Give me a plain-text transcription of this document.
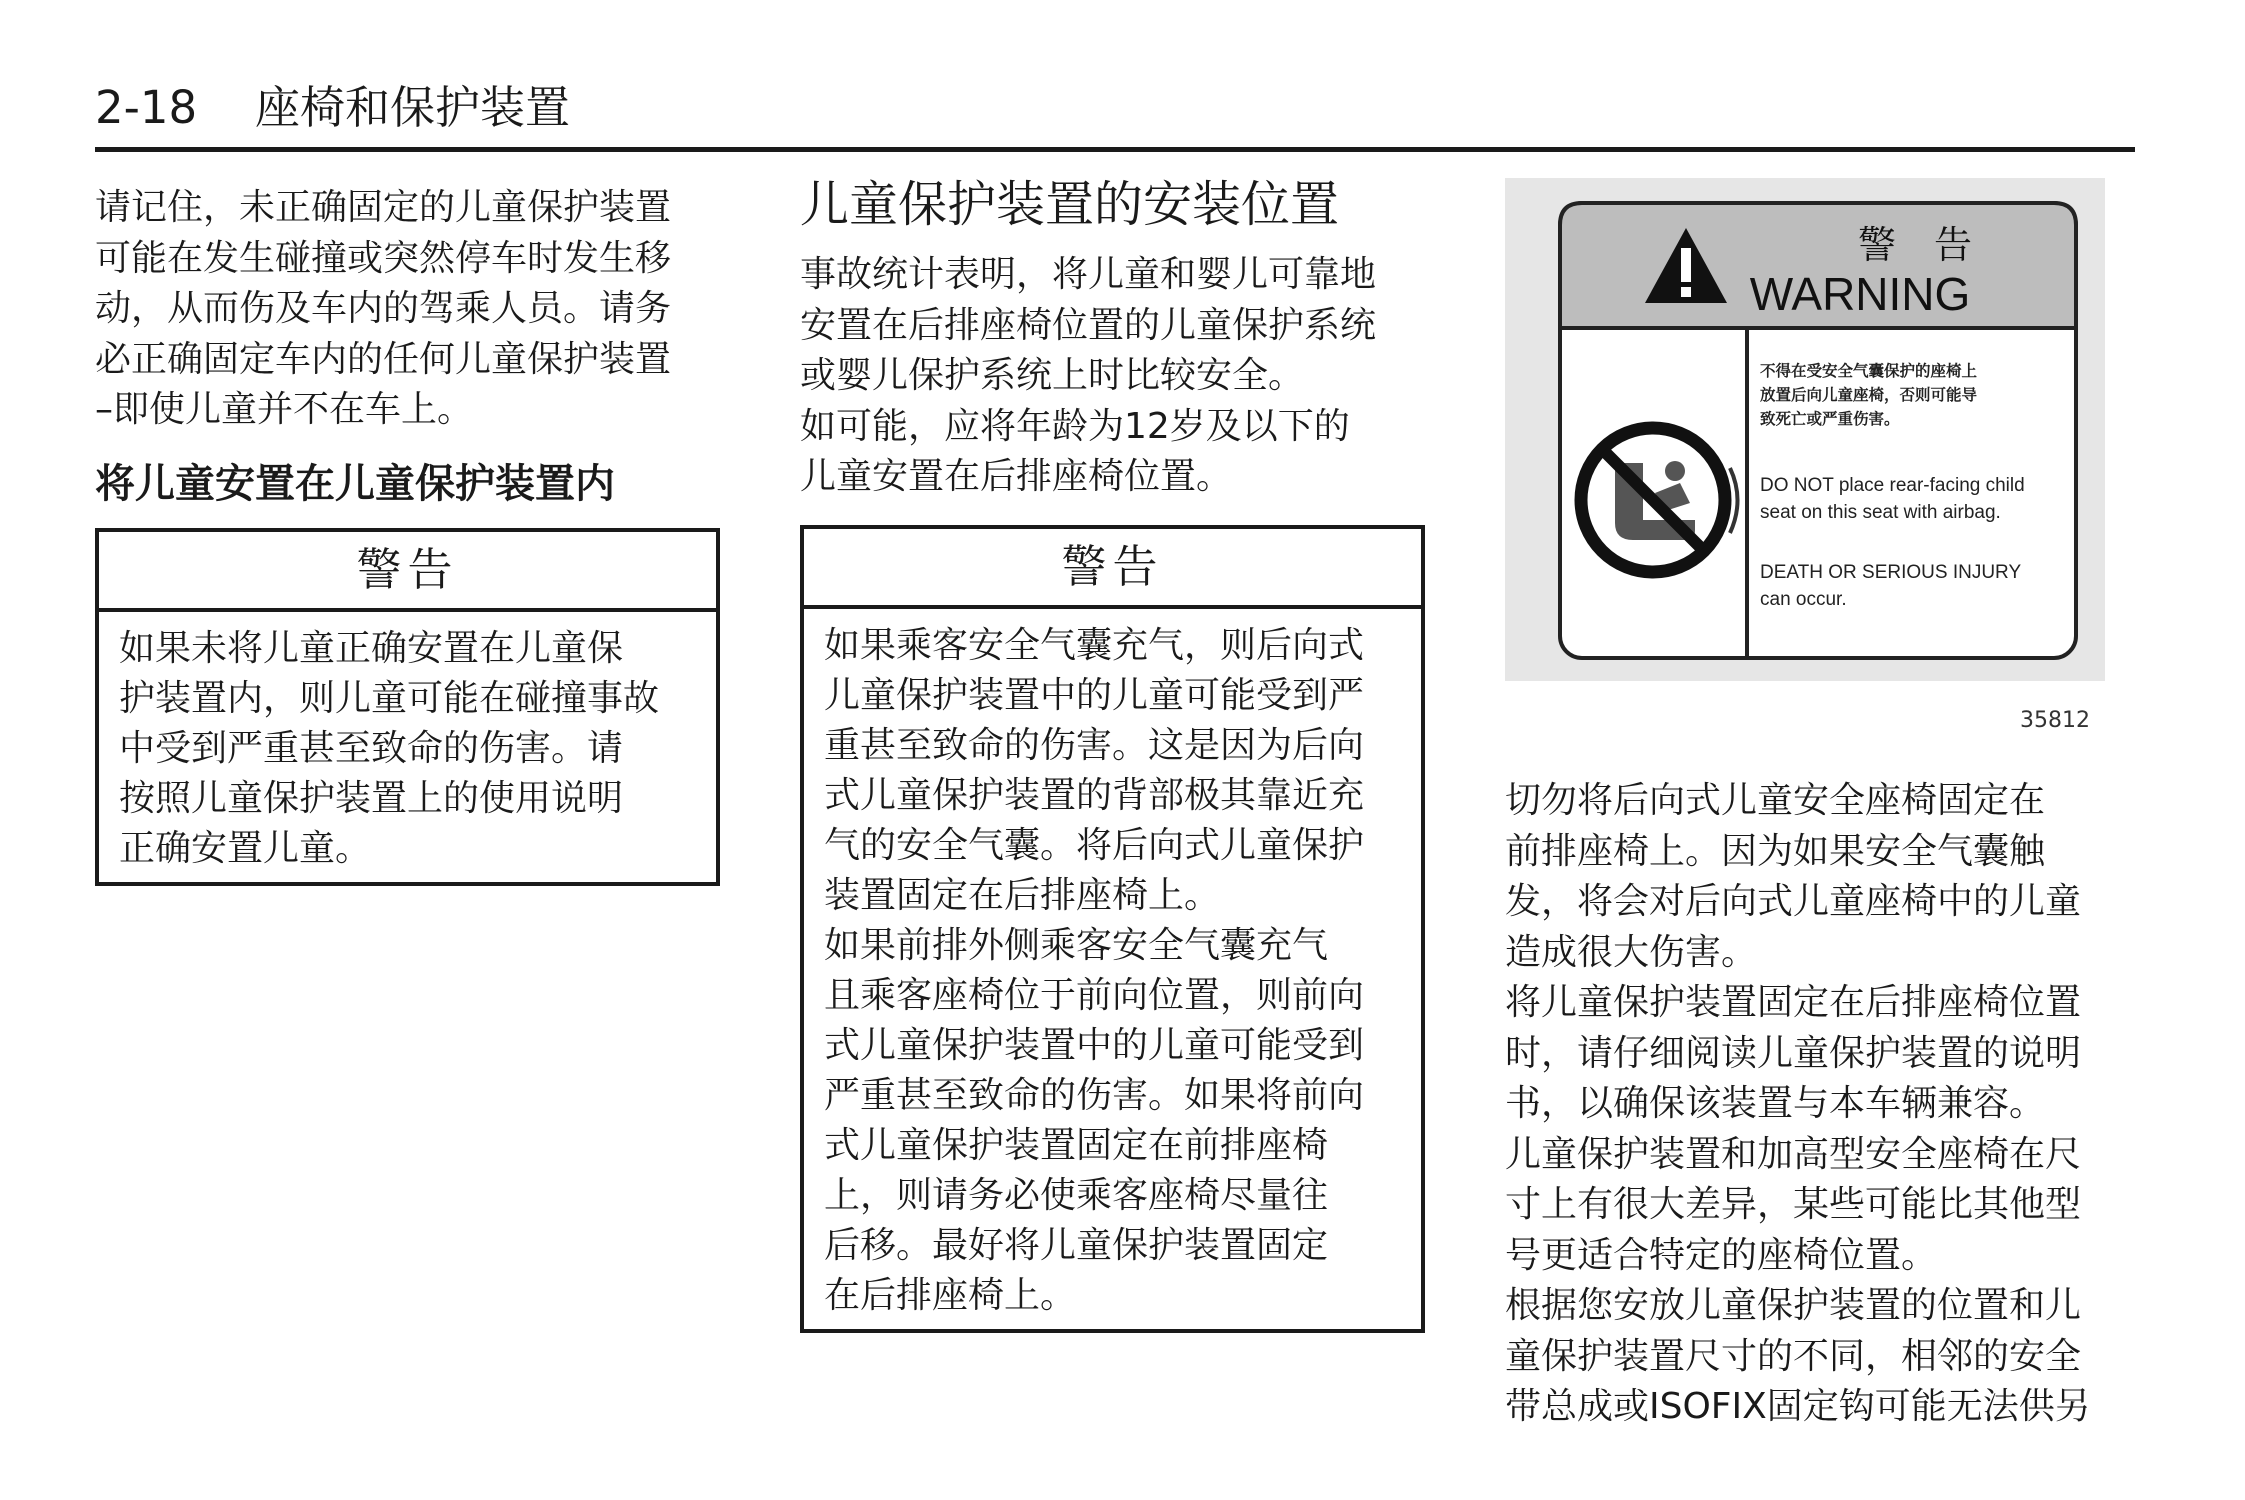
2-18 座椅和保护装置

请记住，未正确固定的儿童保护装置
可能在发生碰撞或突然停车时发生移
动，从而伤及车内的驾乘人员。请务
必正确固定车内的任何儿童保护装置
–即使儿童并不在车上。

将儿童安置在儿童保护装置内
警告
如果未将儿童正确安置在儿童保
护装置内，则儿童可能在碰撞事故
中受到严重甚至致命的伤害。请
按照儿童保护装置上的使用说明
正确安置儿童。
儿童保护装置的安装位置

事故统计表明，将儿童和婴儿可靠地
安置在后排座椅位置的儿童保护系统
或婴儿保护系统上时比较安全。
如可能，应将年龄为12岁及以下的
儿童安置在后排座椅位置。

警告
如果乘客安全气囊充气，则后向式
儿童保护装置中的儿童可能受到严
重甚至致命的伤害。这是因为后向
式儿童保护装置的背部极其靠近充
气的安全气囊。将后向式儿童保护
装置固定在后排座椅上。
如果前排外侧乘客安全气囊充气
且乘客座椅位于前向位置，则前向
式儿童保护装置中的儿童可能受到
严重甚至致命的伤害。如果将前向
式儿童保护装置固定在前排座椅
上，则请务必使乘客座椅尽量往
后移。最好将儿童保护装置固定
在后排座椅上。
警　告
WARNING
不得在受安全气囊保护的座椅上
放置后向儿童座椅，否则可能导
致死亡或严重伤害。
DO NOT place rear-facing child
seat on this seat with airbag.
DEATH OR SERIOUS INJURY
can occur.
35812

切勿将后向式儿童安全座椅固定在
前排座椅上。因为如果安全气囊触
发，将会对后向式儿童座椅中的儿童
造成很大伤害。
将儿童保护装置固定在后排座椅位置
时，请仔细阅读儿童保护装置的说明
书，以确保该装置与本车辆兼容。
儿童保护装置和加高型安全座椅在尺
寸上有很大差异，某些可能比其他型
号更适合特定的座椅位置。
根据您安放儿童保护装置的位置和儿
童保护装置尺寸的不同，相邻的安全
带总成或ISOFIX固定钩可能无法供另
